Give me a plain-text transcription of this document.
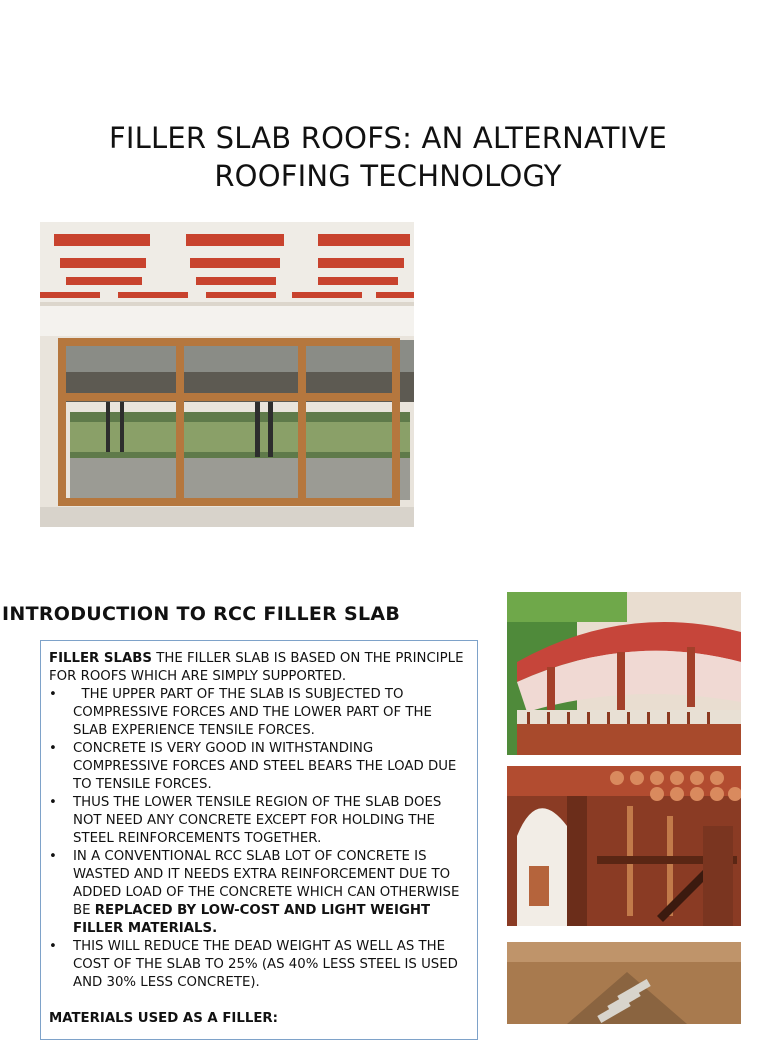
FILLER SLAB ROOFS: AN ALTERNATIVE
ROOFING TECHNOLOGY
INTRODUCTION TO RCC FILLER SLAB

FILLER SLABS THE FILLER SLAB IS BASED ON THE PRINCIPLE FOR ROOFS WHICH ARE SIMPLY SUPPORTED.

•   THE UPPER PART OF THE SLAB IS SUBJECTED TO COMPRESSIVE FORCES AND THE LOWER PART OF THE SLAB EXPERIENCE TENSILE FORCES.
• CONCRETE IS VERY GOOD IN WITHSTANDING COMPRESSIVE FORCES AND STEEL BEARS THE LOAD DUE TO TENSILE FORCES.
• THUS THE LOWER TENSILE REGION OF THE SLAB DOES NOT NEED ANY CONCRETE EXCEPT FOR HOLDING THE STEEL REINFORCEMENTS TOGETHER.
• IN A CONVENTIONAL RCC SLAB LOT OF CONCRETE IS WASTED AND IT NEEDS EXTRA REINFORCEMENT DUE TO ADDED LOAD OF THE CONCRETE WHICH CAN OTHERWISE BE REPLACED BY LOW-COST AND LIGHT WEIGHT FILLER MATERIALS.
• THIS WILL REDUCE THE DEAD WEIGHT AS WELL AS THE COST OF THE SLAB TO 25% (AS 40% LESS STEEL IS USED AND 30% LESS CONCRETE).

MATERIALS USED AS A FILLER:
